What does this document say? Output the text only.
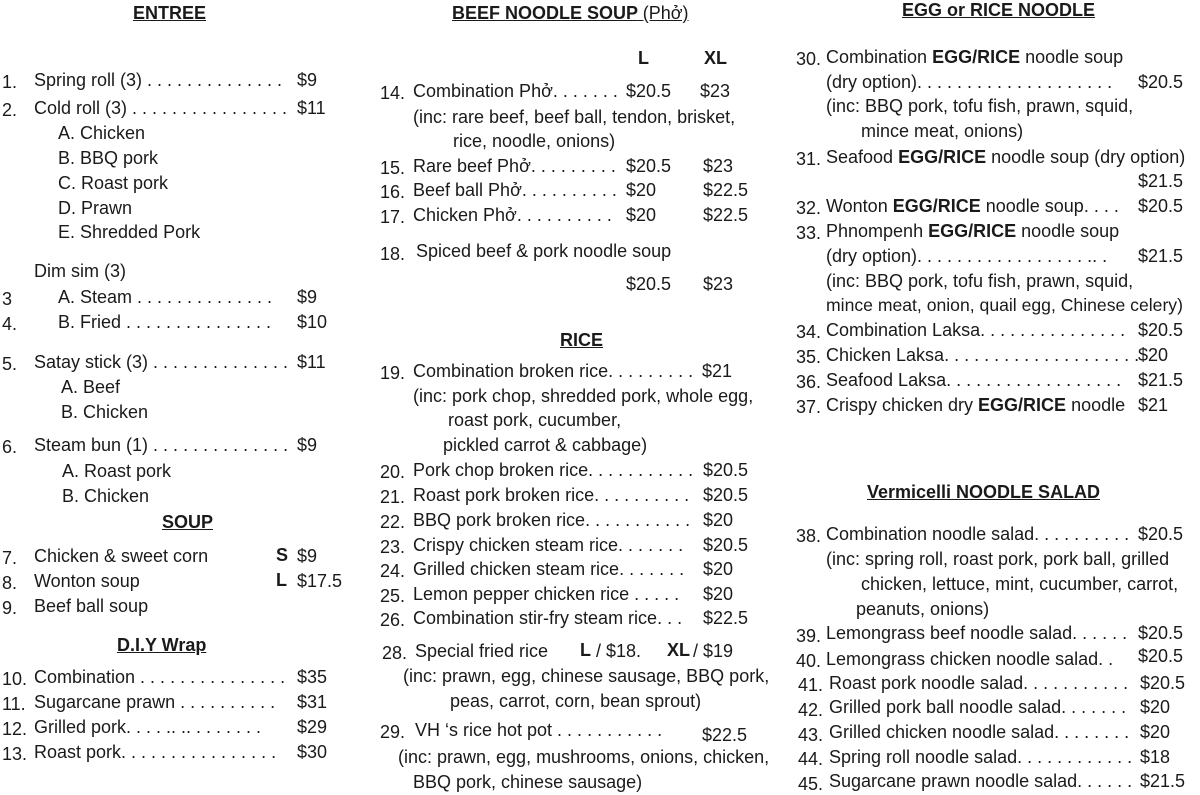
ENTREE
1. Spring roll (3) . . . . . . . . . . . . . . $9
2. Cold roll (3) . . . . . . . . . . . . . . . . $11
A. Chicken
B. BBQ pork
C. Roast pork
D. Prawn
E. Shredded Pork
Dim sim (3)
3	A. Steam . . . . . . . . . . . . . . $9
4. B. Fried . . . . . . . . . . . . . . . $10
5. Satay stick (3) . . . . . . . . . . . . . . $11
A. Beef
B. Chicken
6. Steam bun (1) . . . . . . . . . . . . . . $9
A. Roast pork
B. Chicken
SOUP
7. Chicken & sweet corn	S $9
8. Wonton soup	L $17.5
9. Beef ball soup
D.I.Y Wrap
10. Combination . . . . . . . . . . . . . . . $35
11. Sugarcane prawn . . . . . . . . . . $31
12. Grilled pork. . . . .. .. . . . . . . . $29
13. Roast pork. . . . . . . . . . . . . . . . $30
BEEF NOODLE SOUP (Phở)
L	XL
14. Combination Phở. . . . . . . $20.5 $23
(inc: rare beef, beef ball, tendon, brisket,
rice, noodle, onions)
15. Rare beef Phở. . . . . . . . . $20.5 $23
16. Beef ball Phở. . . . . . . . . . $20	$22.5
17. Chicken Phở. . . . . . . . . . $20	$22.5
18. Spiced beef & pork noodle soup
$20.5 $23
RICE
19. Combination broken rice. . . . . . . . . $21
(inc: pork chop, shredded pork, whole egg,
roast pork, cucumber,
pickled carrot & cabbage)
20. Pork chop broken rice. . . . . . . . . . . $20.5
21. Roast pork broken rice. . . . . . . . . . $20.5
22. BBQ pork broken rice. . . . . . . . . . . $20
23. Crispy chicken steam rice. . . . . . . $20.5
24. Grilled chicken steam rice. . . . . . . $20
25. Lemon pepper chicken rice . . . . . $20
26. Combination stir-fry steam rice. . . $22.5
28. Special fried rice L / $18. XL / $19
(inc: prawn, egg, chinese sausage, BBQ pork,
peas, carrot, corn, bean sprout)
29. VH ‘s rice hot pot . . . . . . . . . . . $22.5
(inc: prawn, egg, mushrooms, onions, chicken,
BBQ pork, chinese sausage)
EGG or RICE NOODLE
30. Combination EGG/RICE noodle soup
(dry option). . . . . . . . . . . . . . . . . . . . $20.5
(inc: BBQ pork, tofu fish, prawn, squid,
mince meat, onions)
31. Seafood EGG/RICE noodle soup (dry option)
$21.5
32. Wonton EGG/RICE noodle soup. . . . $20.5
33. Phnompenh EGG/RICE noodle soup
(dry option). . . . . . . . . . . . . . . . . .. . $21.5
(inc: BBQ pork, tofu fish, prawn, squid,
mince meat, onion, quail egg, Chinese celery)
34. Combination Laksa. . . . . . . . . . . . . . . $20.5
35. Chicken Laksa. . . . . . . . . . . . . . . . . . . .
$20
36. Seafood Laksa. . . . . . . . . . . . . . . . . . $21.5
37. Crispy chicken dry EGG/RICE noodle $21
Vermicelli NOODLE SALAD
38. Combination noodle salad. . . . . . . . . . $20.5
(inc: spring roll, roast pork, pork ball, grilled
chicken, lettuce, mint, cucumber, carrot,
peanuts, onions)
39. Lemongrass beef noodle salad. . . . . . $20.5
40. Lemongrass chicken noodle salad. . $20.5
41. Roast pork noodle salad. . . . . . . . . . . $20.5
42. Grilled pork ball noodle salad. . . . . . . $20
43. Grilled chicken noodle salad. . . . . . . . $20
44. Spring roll noodle salad. . . . . . . . . . . . $18
45. Sugarcane prawn noodle salad. . . . . . $21.5
